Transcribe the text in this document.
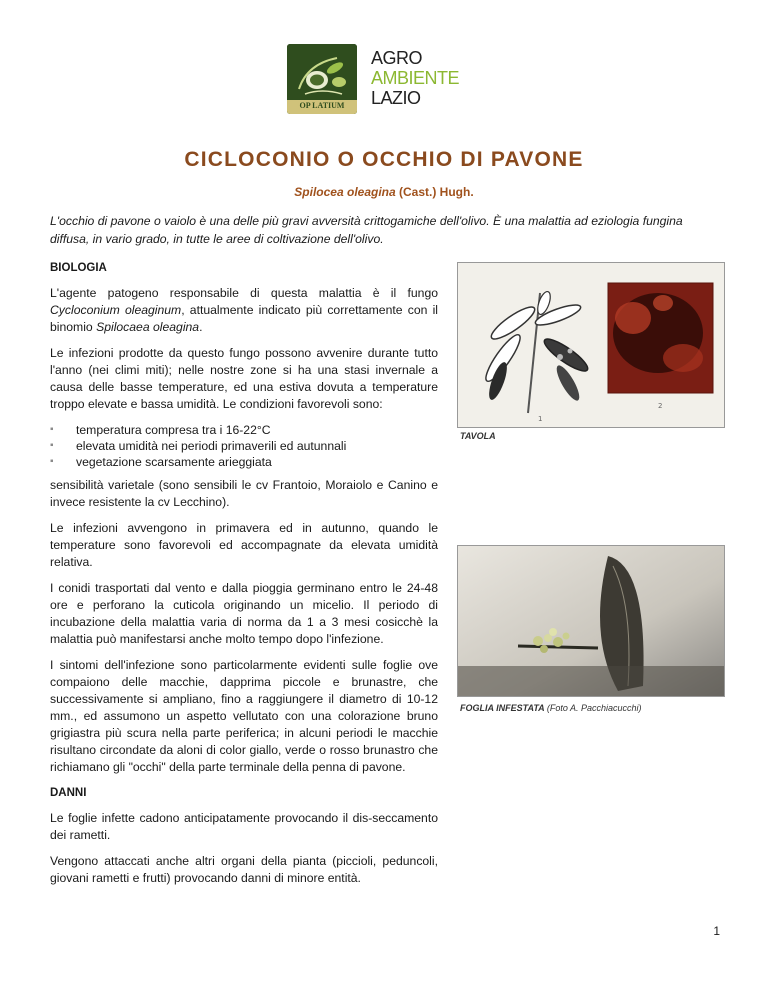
OP LATIUM
AGRO
AMBIENTE
LAZIO
CICLOCONIO O OCCHIO DI PAVONE
Spilocea oleagina (Cast.) Hugh.
L'occhio di pavone o vaiolo è una delle più gravi avversità crittogamiche dell'olivo. È una malattia ad eziologia fungina diffusa, in vario grado, in tutte le aree di coltivazione dell'olivo.
BIOLOGIA

L'agente patogeno responsabile di questa malattia è il fungo Cycloconium oleaginum, attualmente indicato più correttamente con il binomio Spilocaea oleagina.

Le infezioni prodotte da questo fungo possono avvenire durante tutto l'anno (nei climi miti); nelle nostre zone si ha una stasi invernale a causa delle basse temperature, ed una estiva dovuta a temperature troppo elevate e bassa umidità. Le condizioni favorevoli sono:

▪ temperatura compresa tra i 16-22°C
▪ elevata umidità nei periodi primaverili ed autunnali
▪ vegetazione scarsamente arieggiata

sensibilità varietale (sono sensibili le cv Frantoio, Moraiolo e Canino e invece resistente la cv Lecchino).

Le infezioni avvengono in primavera ed in autunno, quando le temperature sono favorevoli ed accompagnate da elevata umidità relativa.

I conidi trasportati dal vento e dalla pioggia germinano entro le 24-48 ore e perforano la cuticola originando un micelio. Il periodo di incubazione della malattia varia di norma da 1 a 3 mesi cosicchè la malattia può manifestarsi anche molto tempo dopo l'infezione.

I sintomi dell'infezione sono particolarmente evidenti sulle foglie ove compaiono delle macchie, dapprima piccole e brunastre, che successivamente si ampliano, fino a raggiungere il diametro di 10-12 mm., ed assumono un aspetto vellutato con una colorazione bruno grigiastra più scura nella parte periferica; in alcuni periodi le macchie risultano circondate da aloni di color giallo, verde o rosso brunastro che richiamano gli "occhi" della parte terminale della penna di pavone.

DANNI

Le foglie infette cadono anticipatamente provocando il dis-seccamento dei rametti.

Vengono attaccati anche altri organi della pianta (piccioli, peduncoli, giovani rametti e frutti) provocando danni di minore entità.

1
2
TAVOLA
FOGLIA INFESTATA (Foto A. Pacchiacucchi)
1
